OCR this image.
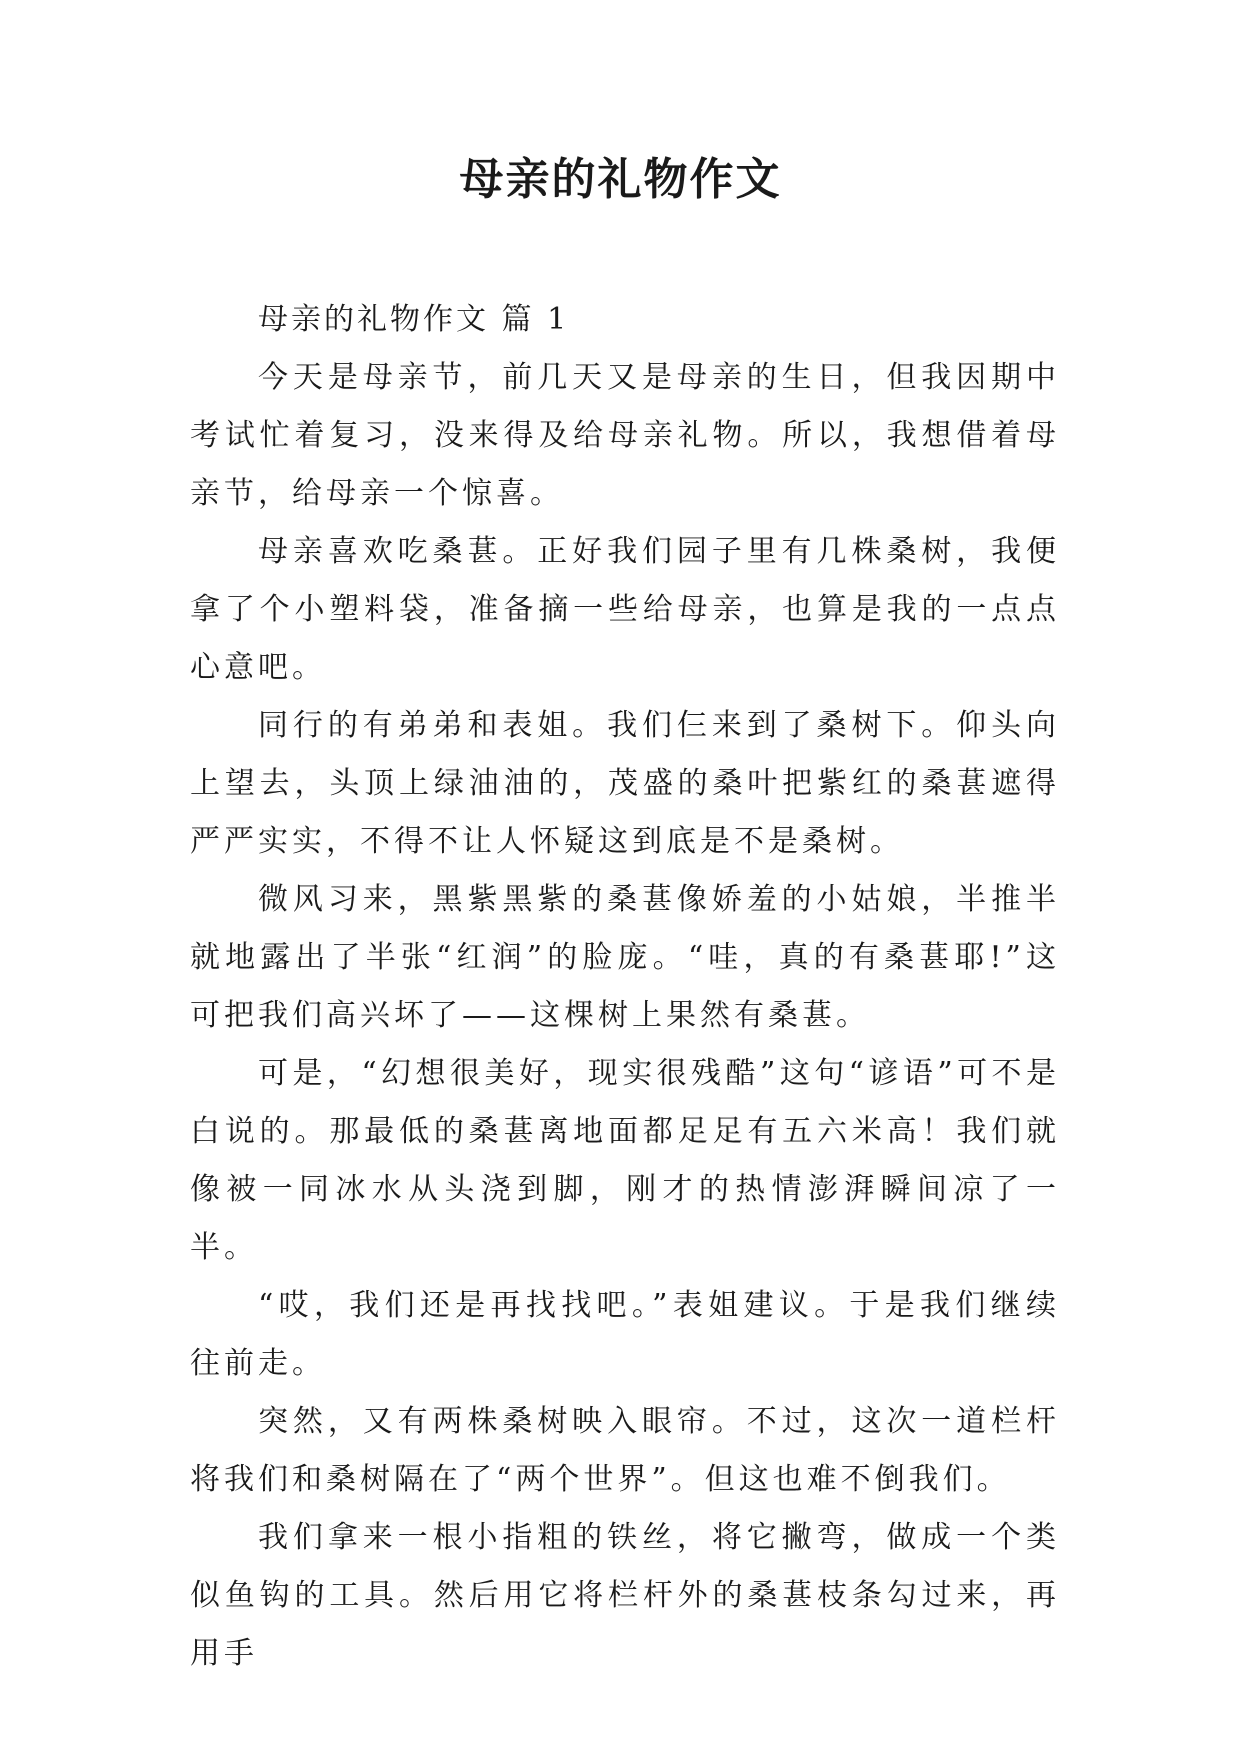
母亲的礼物作文

母亲的礼物作文 篇 1

今天是母亲节，前几天又是母亲的生日，但我因期中考试忙着复习，没来得及给母亲礼物。所以，我想借着母亲节，给母亲一个惊喜。

母亲喜欢吃桑葚。正好我们园子里有几株桑树，我便拿了个小塑料袋，准备摘一些给母亲，也算是我的一点点心意吧。

同行的有弟弟和表姐。我们仨来到了桑树下。仰头向上望去，头顶上绿油油的，茂盛的桑叶把紫红的桑葚遮得严严实实，不得不让人怀疑这到底是不是桑树。

微风习来，黑紫黑紫的桑葚像娇羞的小姑娘，半推半就地露出了半张“红润”的脸庞。“哇，真的有桑葚耶!”这可把我们高兴坏了——这棵树上果然有桑葚。

可是，“幻想很美好，现实很残酷”这句“谚语”可不是白说的。那最低的桑葚离地面都足足有五六米高！我们就像被一同冰水从头浇到脚，刚才的热情澎湃瞬间凉了一半。

“哎，我们还是再找找吧。”表姐建议。于是我们继续往前走。

突然，又有两株桑树映入眼帘。不过，这次一道栏杆将我们和桑树隔在了“两个世界”。但这也难不倒我们。

我们拿来一根小指粗的铁丝，将它撇弯，做成一个类似鱼钩的工具。然后用它将栏杆外的桑葚枝条勾过来，再用手
